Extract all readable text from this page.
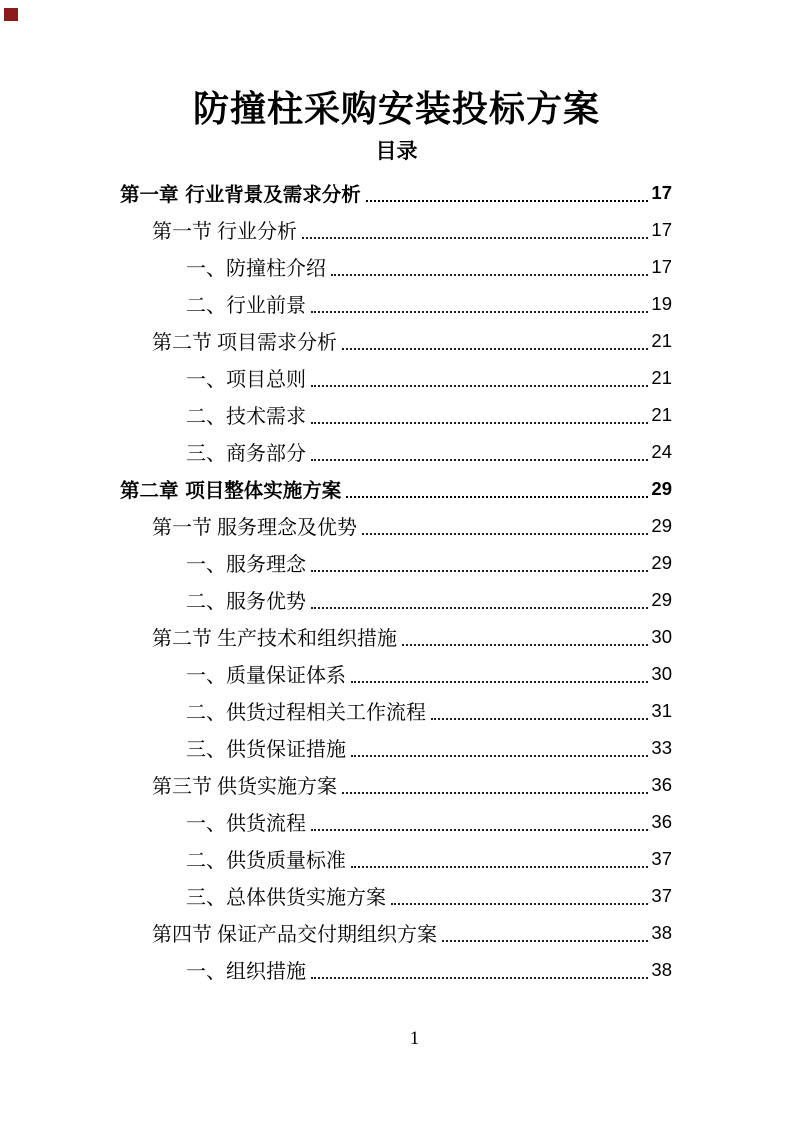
防撞柱采购安装投标方案
目录
第一章 行业背景及需求分析	17
第一节 行业分析	17
一、防撞柱介绍	17
二、行业前景	19
第二节 项目需求分析	21
一、项目总则	21
二、技术需求	21
三、商务部分	24
第二章 项目整体实施方案	29
第一节 服务理念及优势	29
一、服务理念	29
二、服务优势	29
第二节 生产技术和组织措施	30
一、质量保证体系	30
二、供货过程相关工作流程	31
三、供货保证措施	33
第三节 供货实施方案	36
一、供货流程	36
二、供货质量标准	37
三、总体供货实施方案	37
第四节 保证产品交付期组织方案	38
一、组织措施	38
1
